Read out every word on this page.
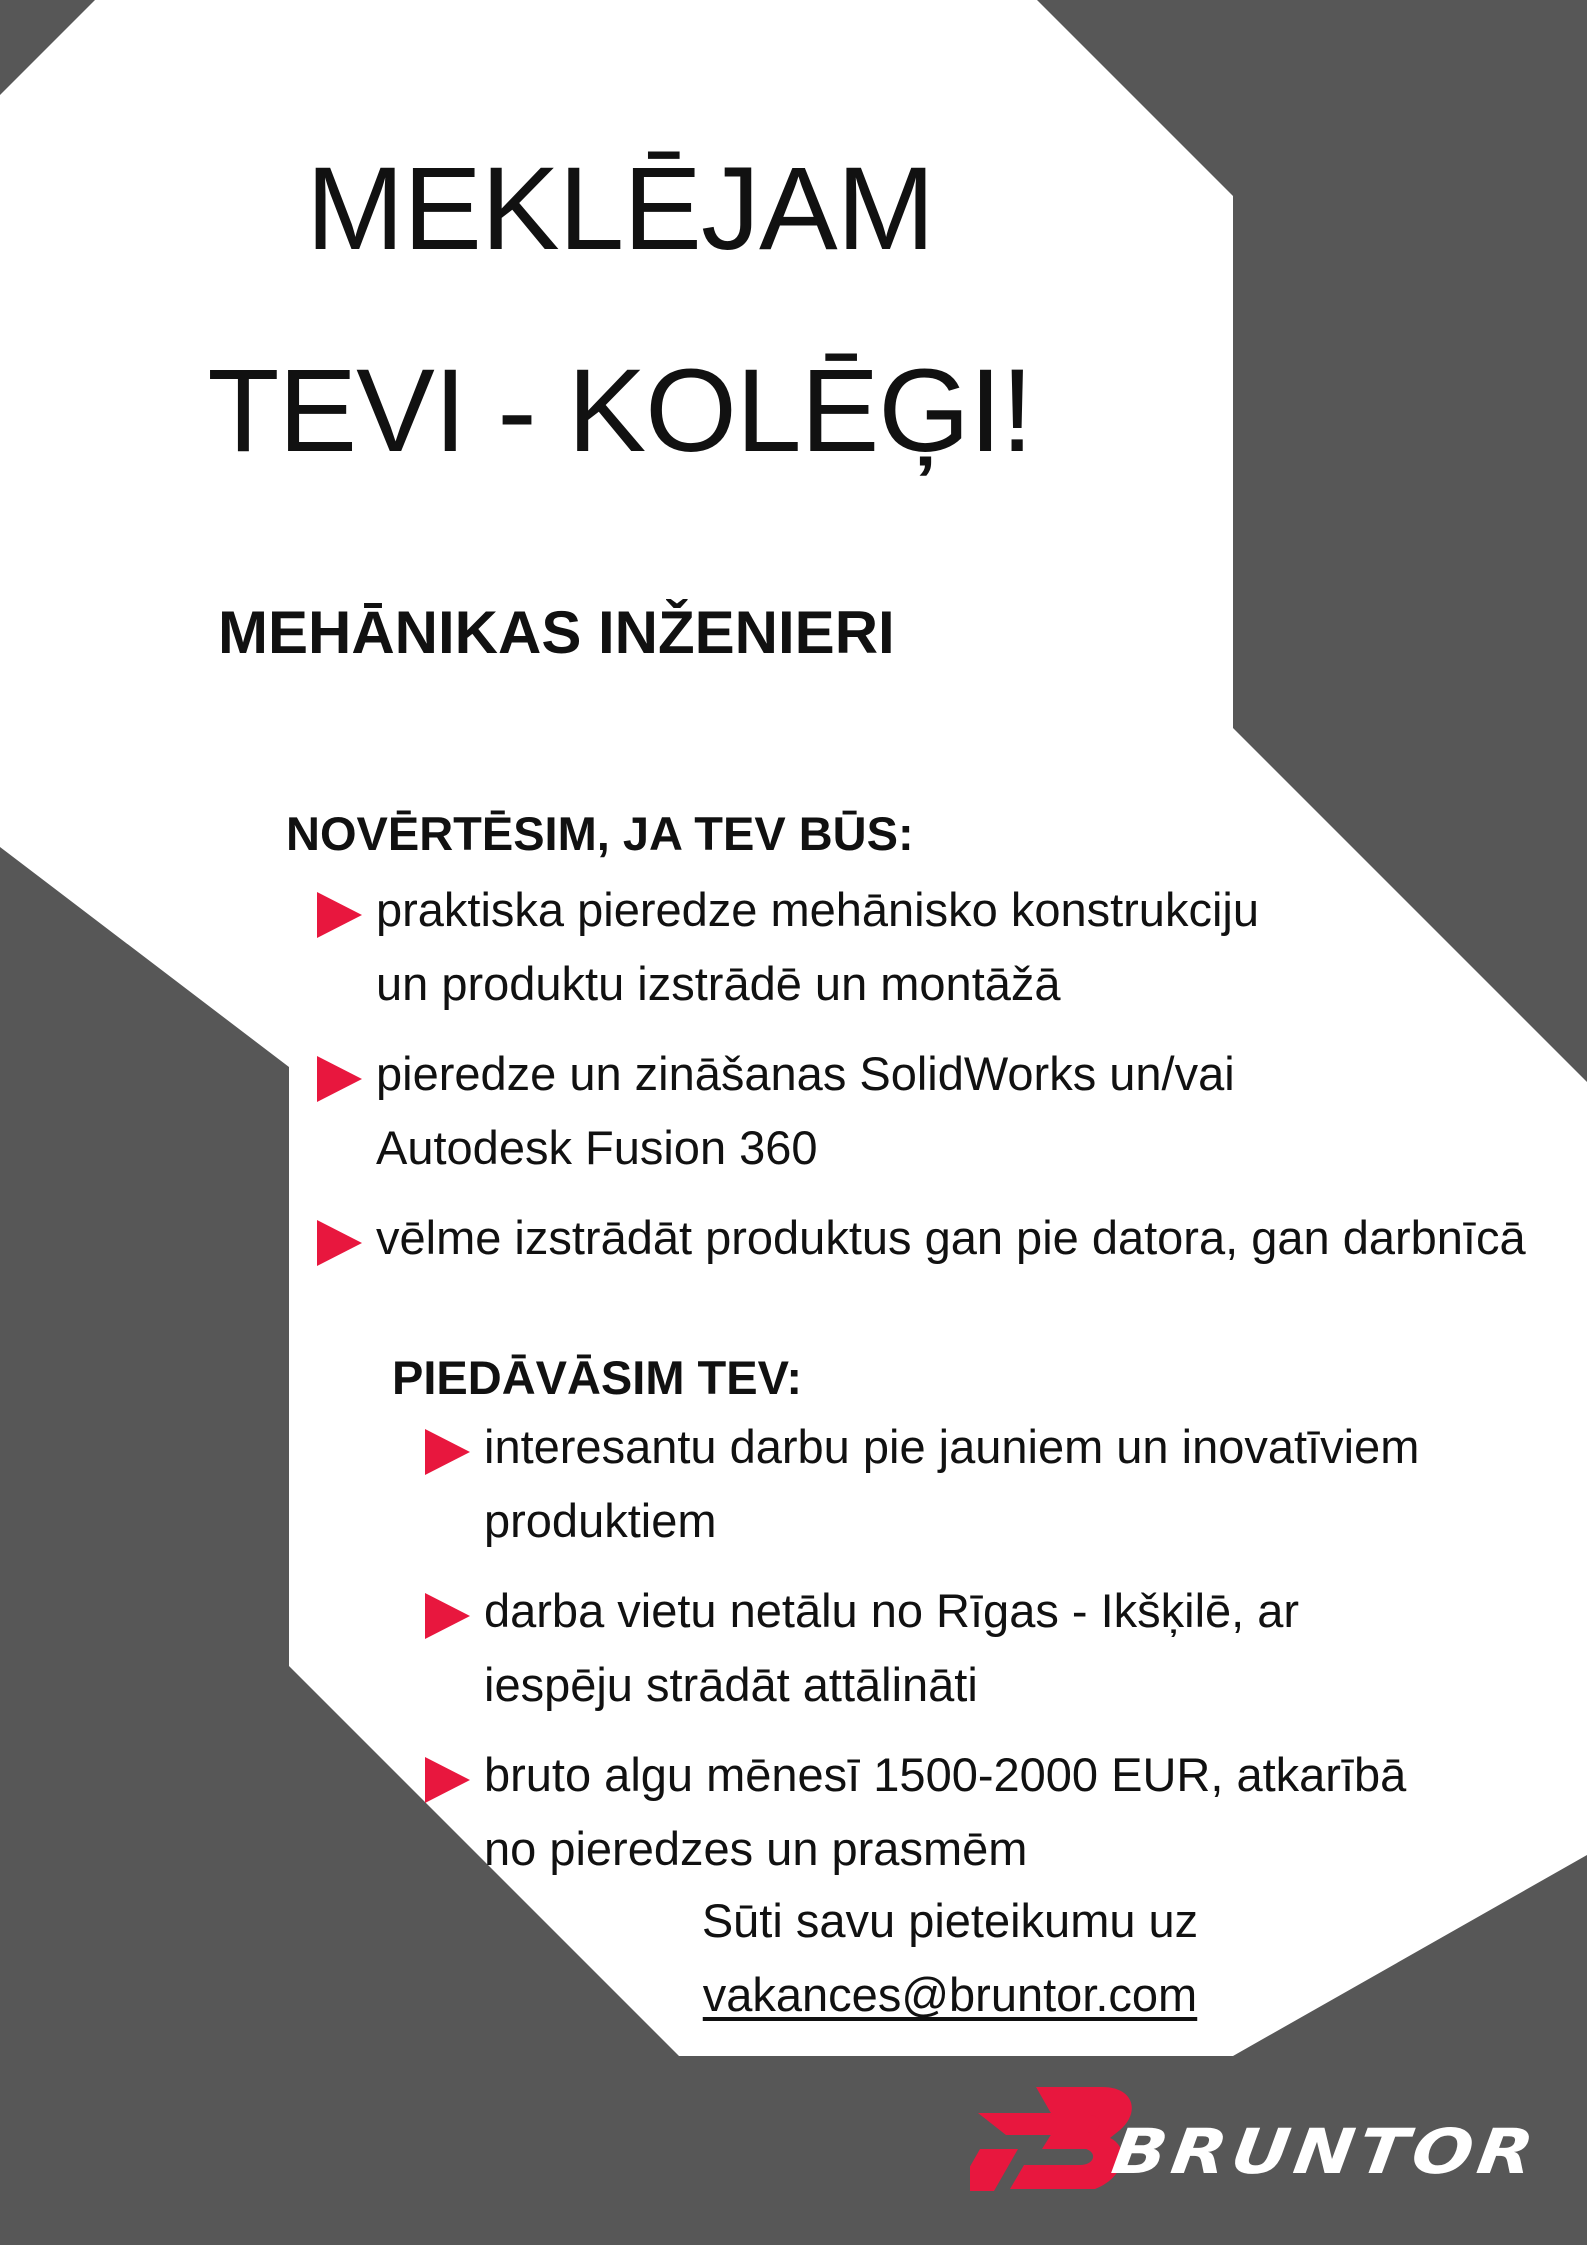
MEKLĒJAM
TEVI - KOLĒĢI!
MEHĀNIKAS INŽENIERI
NOVĒRTĒSIM, JA TEV BŪS:
praktiska pieredze mehānisko konstrukciju
un produktu izstrādē un montāžā
pieredze un zināšanas SolidWorks un/vai
Autodesk Fusion 360
vēlme izstrādāt produktus gan pie datora, gan darbnīcā
PIEDĀVĀSIM TEV:
interesantu darbu pie jauniem un inovatīviem
produktiem
darba vietu netālu no Rīgas - Ikšķilē, ar
iespēju strādāt attālināti
bruto algu mēnesī 1500-2000 EUR, atkarībā
no pieredzes un prasmēm
Sūti savu pieteikumu uz
vakances@bruntor.com
BRUNTOR
